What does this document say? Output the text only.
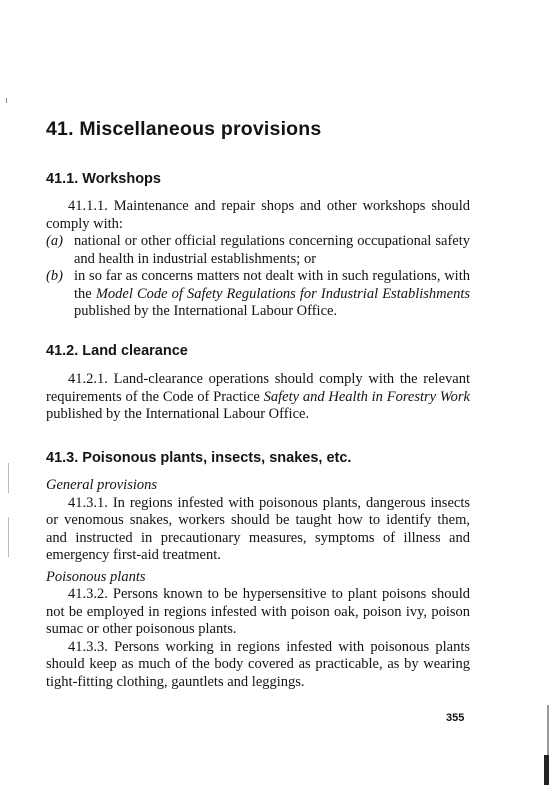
41. Miscellaneous provisions
41.1. Workshops

41.1.1. Maintenance and repair shops and other workshops should comply with:

(a) national or other official regulations concerning occupational safety and health in industrial establishments; or
(b) in so far as concerns matters not dealt with in such regulations, with the Model Code of Safety Regulations for Industrial Establishments published by the International Labour Office.
41.2. Land clearance

41.2.1. Land-clearance operations should comply with the relevant requirements of the Code of Practice Safety and Health in Forestry Work published by the International Labour Office.

41.3. Poisonous plants, insects, snakes, etc.

General provisions

41.3.1. In regions infested with poisonous plants, dangerous insects or venomous snakes, workers should be taught how to identify them, and instructed in precautionary measures, symptoms of illness and emergency first-aid treatment.

Poisonous plants

41.3.2. Persons known to be hypersensitive to plant poisons should not be employed in regions infested with poison oak, poison ivy, poison sumac or other poisonous plants.

41.3.3. Persons working in regions infested with poisonous plants should keep as much of the body covered as practicable, as by wearing tight-fitting clothing, gauntlets and leggings.

355
